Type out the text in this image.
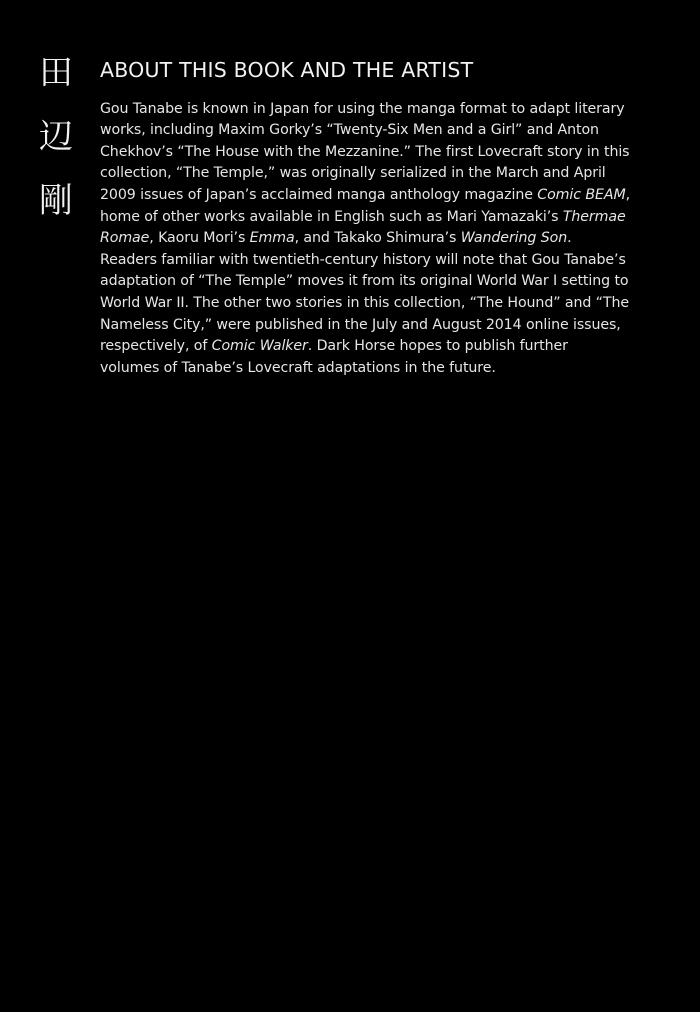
田
辺
剛
ABOUT THIS BOOK AND THE ARTIST

Gou Tanabe is known in Japan for using the manga format to adapt literary works, including Maxim Gorky’s “Twenty-Six Men and a Girl” and Anton Chekhov’s “The House with the Mezzanine.” The first Lovecraft story in this collection, “The Temple,” was originally serialized in the March and April 2009 issues of Japan’s acclaimed manga anthology magazine Comic BEAM, home of other works available in English such as Mari Yamazaki’s Thermae Romae, Kaoru Mori’s Emma, and Takako Shimura’s Wandering Son. Readers familiar with twentieth-century history will note that Gou Tanabe’s adaptation of “The Temple” moves it from its original World War I setting to World War II. The other two stories in this collection, “The Hound” and “The Nameless City,” were published in the July and August 2014 online issues, respectively, of Comic Walker. Dark Horse hopes to publish further volumes of Tanabe’s Lovecraft adaptations in the future.
